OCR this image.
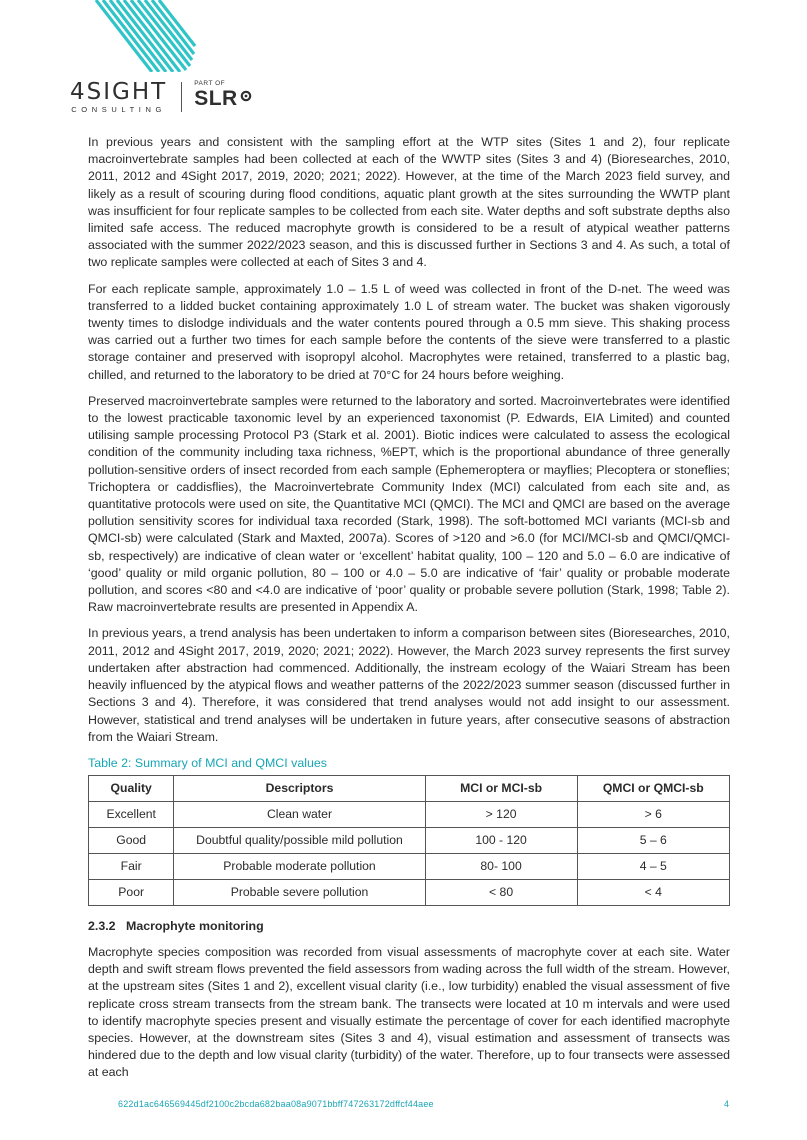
4SIGHT
CONSULTING
PART OF
SLR

In previous years and consistent with the sampling effort at the WTP sites (Sites 1 and 2), four replicate macroinvertebrate samples had been collected at each of the WWTP sites (Sites 3 and 4) (Bioresearches, 2010, 2011, 2012 and 4Sight 2017, 2019, 2020; 2021; 2022). However, at the time of the March 2023 field survey, and likely as a result of scouring during flood conditions, aquatic plant growth at the sites surrounding the WWTP plant was insufficient for four replicate samples to be collected from each site. Water depths and soft substrate depths also limited safe access. The reduced macrophyte growth is considered to be a result of atypical weather patterns associated with the summer 2022/2023 season, and this is discussed further in Sections 3 and 4. As such, a total of two replicate samples were collected at each of Sites 3 and 4.

For each replicate sample, approximately 1.0 – 1.5 L of weed was collected in front of the D-net. The weed was transferred to a lidded bucket containing approximately 1.0 L of stream water. The bucket was shaken vigorously twenty times to dislodge individuals and the water contents poured through a 0.5 mm sieve. This shaking process was carried out a further two times for each sample before the contents of the sieve were transferred to a plastic storage container and preserved with isopropyl alcohol. Macrophytes were retained, transferred to a plastic bag, chilled, and returned to the laboratory to be dried at 70°C for 24 hours before weighing.

Preserved macroinvertebrate samples were returned to the laboratory and sorted. Macroinvertebrates were identified to the lowest practicable taxonomic level by an experienced taxonomist (P. Edwards, EIA Limited) and counted utilising sample processing Protocol P3 (Stark et al. 2001). Biotic indices were calculated to assess the ecological condition of the community including taxa richness, %EPT, which is the proportional abundance of three generally pollution-sensitive orders of insect recorded from each sample (Ephemeroptera or mayflies; Plecoptera or stoneflies; Trichoptera or caddisflies), the Macroinvertebrate Community Index (MCI) calculated from each site and, as quantitative protocols were used on site, the Quantitative MCI (QMCI). The MCI and QMCI are based on the average pollution sensitivity scores for individual taxa recorded (Stark, 1998). The soft-bottomed MCI variants (MCI-sb and QMCI-sb) were calculated (Stark and Maxted, 2007a). Scores of >120 and >6.0 (for MCI/MCI-sb and QMCI/QMCI-sb, respectively) are indicative of clean water or ‘excellent’ habitat quality, 100 – 120 and 5.0 – 6.0 are indicative of ‘good’ quality or mild organic pollution, 80 – 100 or 4.0 – 5.0 are indicative of ‘fair’ quality or probable moderate pollution, and scores <80 and <4.0 are indicative of ‘poor’ quality or probable severe pollution (Stark, 1998; Table 2). Raw macroinvertebrate results are presented in Appendix A.

In previous years, a trend analysis has been undertaken to inform a comparison between sites (Bioresearches, 2010, 2011, 2012 and 4Sight 2017, 2019, 2020; 2021; 2022). However, the March 2023 survey represents the first survey undertaken after abstraction had commenced. Additionally, the instream ecology of the Waiari Stream has been heavily influenced by the atypical flows and weather patterns of the 2022/2023 summer season (discussed further in Sections 3 and 4). Therefore, it was considered that trend analyses would not add insight to our assessment. However, statistical and trend analyses will be undertaken in future years, after consecutive seasons of abstraction from the Waiari Stream.

Table 2: Summary of MCI and QMCI values
Quality	Descriptors	MCI or MCI-sb	QMCI or QMCI-sb
Excellent	Clean water	> 120	> 6
Good	Doubtful quality/possible mild pollution	100 - 120	5 – 6
Fair	Probable moderate pollution	80- 100	4 – 5
Poor	Probable severe pollution	< 80	< 4
2.3.2 Macrophyte monitoring

Macrophyte species composition was recorded from visual assessments of macrophyte cover at each site. Water depth and swift stream flows prevented the field assessors from wading across the full width of the stream. However, at the upstream sites (Sites 1 and 2), excellent visual clarity (i.e., low turbidity) enabled the visual assessment of five replicate cross stream transects from the stream bank. The transects were located at 10 m intervals and were used to identify macrophyte species present and visually estimate the percentage of cover for each identified macrophyte species. However, at the downstream sites (Sites 3 and 4), visual estimation and assessment of transects was hindered due to the depth and low visual clarity (turbidity) of the water. Therefore, up to four transects were assessed at each

622d1ac646569445df2100c2bcda682baa08a9071bbff747263172dffcf44aee	4
